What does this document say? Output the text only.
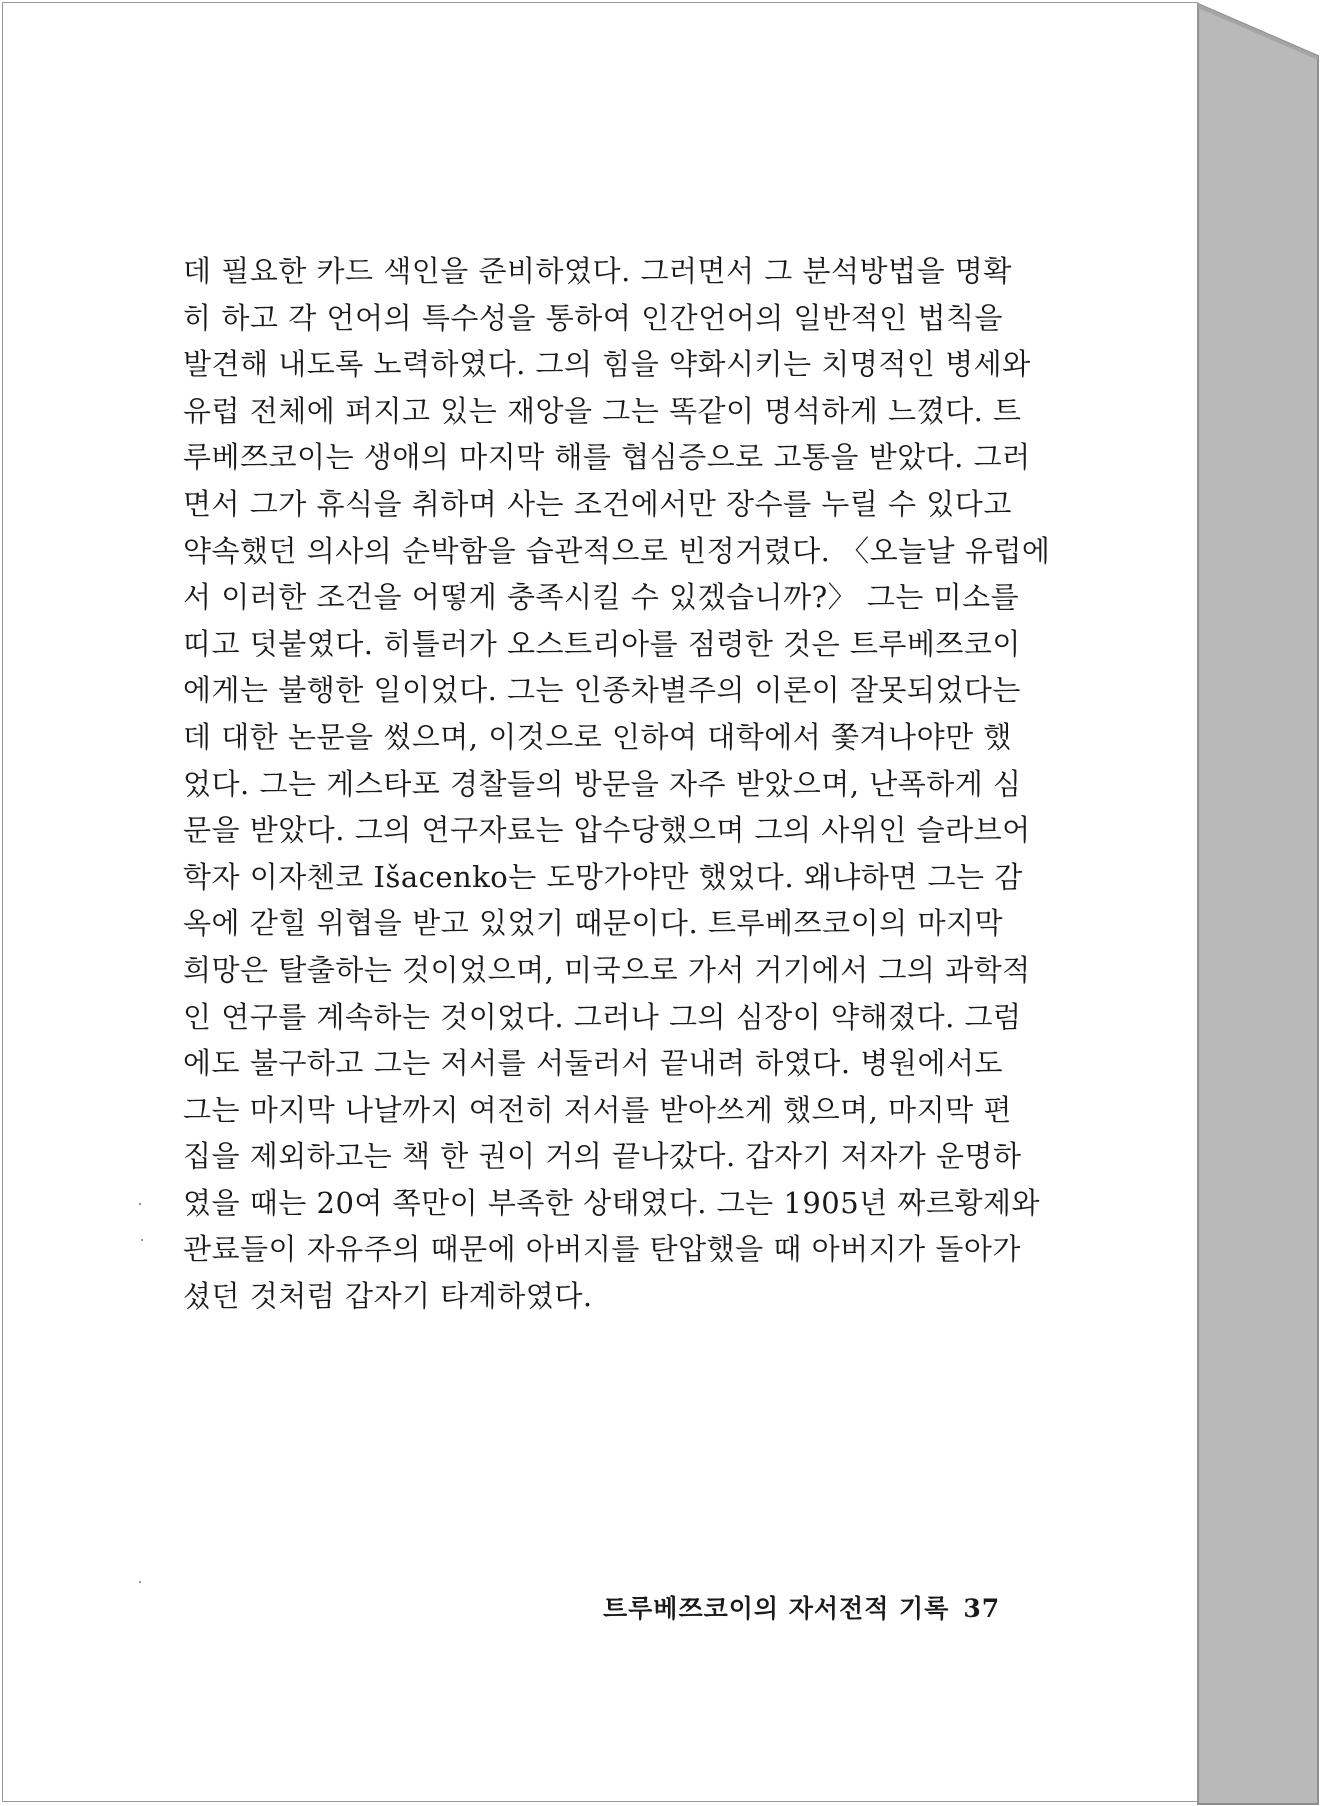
데 필요한 카드 색인을 준비하였다. 그러면서 그 분석방법을 명확
히 하고 각 언어의 특수성을 통하여 인간언어의 일반적인 법칙을
발견해 내도록 노력하였다. 그의 힘을 약화시키는 치명적인 병세와
유럽 전체에 퍼지고 있는 재앙을 그는 똑같이 명석하게 느꼈다. 트
루베쯔코이는 생애의 마지막 해를 협심증으로 고통을 받았다. 그러
면서 그가 휴식을 취하며 사는 조건에서만 장수를 누릴 수 있다고
약속했던 의사의 순박함을 습관적으로 빈정거렸다. 〈오늘날 유럽에
서 이러한 조건을 어떻게 충족시킬 수 있겠습니까?〉 그는 미소를
띠고 덧붙였다. 히틀러가 오스트리아를 점령한 것은 트루베쯔코이
에게는 불행한 일이었다. 그는 인종차별주의 이론이 잘못되었다는
데 대한 논문을 썼으며, 이것으로 인하여 대학에서 쫓겨나야만 했
었다. 그는 게스타포 경찰들의 방문을 자주 받았으며, 난폭하게 심
문을 받았다. 그의 연구자료는 압수당했으며 그의 사위인 슬라브어
학자 이자첸코 Išacenko는 도망가야만 했었다. 왜냐하면 그는 감
옥에 갇힐 위협을 받고 있었기 때문이다. 트루베쯔코이의 마지막
희망은 탈출하는 것이었으며, 미국으로 가서 거기에서 그의 과학적
인 연구를 계속하는 것이었다. 그러나 그의 심장이 약해졌다. 그럼
에도 불구하고 그는 저서를 서둘러서 끝내려 하였다. 병원에서도
그는 마지막 나날까지 여전히 저서를 받아쓰게 했으며, 마지막 편
집을 제외하고는 책 한 권이 거의 끝나갔다. 갑자기 저자가 운명하
였을 때는 20여 쪽만이 부족한 상태였다. 그는 1905년 짜르황제와
관료들이 자유주의 때문에 아버지를 탄압했을 때 아버지가 돌아가
셨던 것처럼 갑자기 타계하였다.
트루베쯔코이의 자서전적 기록 37
